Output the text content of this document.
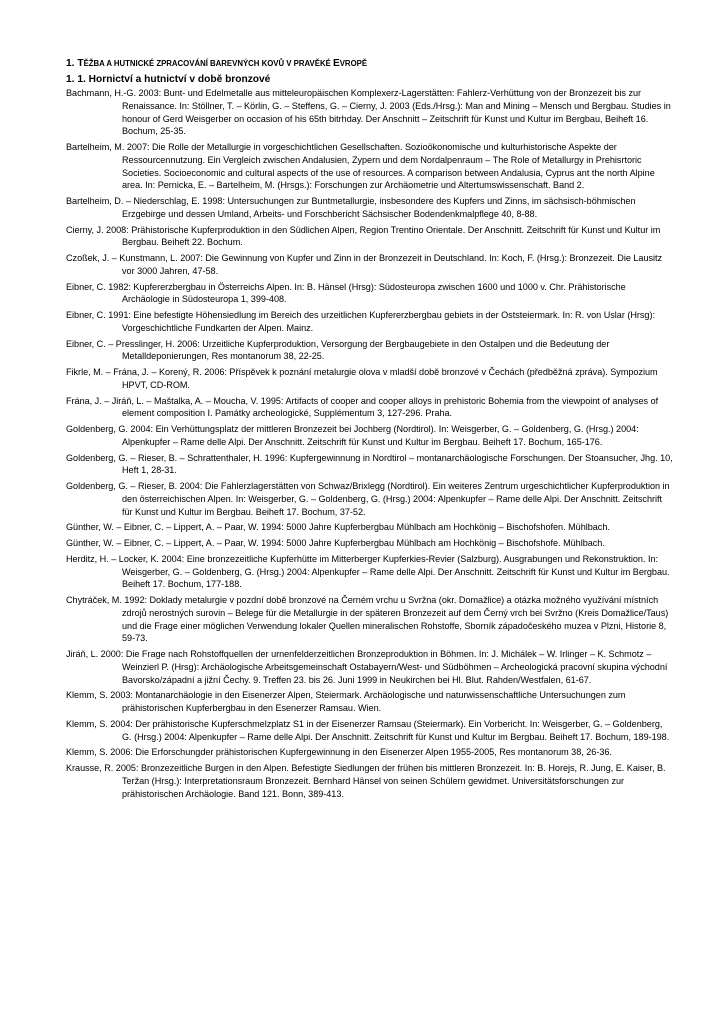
1. TĚŽBA A HUTNICKÉ ZPRACOVÁNÍ BAREVNÝCH KOVŮ V PRAVĚKÉ EVROPĚ
1. 1. Hornictví a hutnictví v době bronzové
Bachmann, H.-G. 2003: Bunt- und Edelmetalle aus mitteleuropäischen Komplexerz-Lagerstätten: Fahlerz-Verhüttung von der Bronzezeit bis zur Renaissance. In: Stöllner, T. – Körlin, G. – Steffens, G. – Cierny, J. 2003 (Eds./Hrsg.): Man and Mining – Mensch und Bergbau. Studies in honour of Gerd Weisgerber on occasion of his 65th bitrhday. Der Anschnitt – Zeitschrift für Kunst und Kultur im Bergbau, Beiheft 16. Bochum, 25-35.
Bartelheim, M. 2007: Die Rolle der Metallurgie in vorgeschichtlichen Gesellschaften. Sozioökonomische und kulturhistorische Aspekte der Ressourcennutzung. Ein Vergleich zwischen Andalusien, Zypern und dem Nordalpenraum – The Role of Metallurgy in Prehisrtoric Societies. Socioeconomic and cultural aspects of the use of resources. A comparison between Andalusia, Cyprus ant the north Alpine area. In: Pernicka, E. – Bartelheim, M. (Hrsgs.): Forschungen zur Archäometrie und Altertumswissenschaft. Band 2.
Bartelheim, D. – Niederschlag, E. 1998: Untersuchungen zur Buntmetallurgie, insbesondere des Kupfers und Zinns, im sächsisch-böhmischen Erzgebirge und dessen Umland, Arbeits- und Forschbericht Sächsischer Bodendenkmalpflege 40, 8-88.
Cierny, J. 2008: Prähistorische Kupferproduktion in den Südlichen Alpen, Region Trentino Orientale. Der Anschnitt. Zeitschrift für Kunst und Kultur im Bergbau. Beiheft 22. Bochum.
Czoßek, J. – Kunstmann, L. 2007: Die Gewinnung von Kupfer und Zinn in der Bronzezeit in Deutschland. In: Koch, F. (Hrsg.): Bronzezeit. Die Lausitz vor 3000 Jahren, 47-58.
Eibner, C. 1982: Kupfererzbergbau in Österreichs Alpen. In: B. Hänsel (Hrsg): Südosteuropa zwischen 1600 und 1000 v. Chr. Prähistorische Archäologie in Südosteuropa 1, 399-408.
Eibner, C. 1991: Eine befestigte Höhensiedlung im Bereich des urzeitlichen Kupfererzbergbau gebiets in der Oststeiermark. In: R. von Uslar (Hrsg): Vorgeschichtliche Fundkarten der Alpen. Mainz.
Eibner, C. – Presslinger, H. 2006: Urzeitliche Kupferproduktion, Versorgung der Bergbaugebiete in den Ostalpen und die Bedeutung der Metalldeponierungen, Res montanorum 38, 22-25.
Fikrle, M. – Frána, J. – Korený, R. 2006: Příspěvek k poznání metalurgie olova v mladší době bronzové v Čechách (předběžná zpráva). Sympozium HPVT, CD-ROM.
Frána, J. – Jiráň, L. – Maštalka, A. – Moucha, V. 1995: Artifacts of cooper and cooper alloys in prehistoric Bohemia from the viewpoint of analyses of element composition I. Památky archeologické, Supplémentum 3, 127-296. Praha.
Goldenberg, G. 2004: Ein Verhüttungsplatz der mittleren Bronzezeit bei Jochberg (Nordtirol). In: Weisgerber, G. – Goldenberg, G. (Hrsg.) 2004: Alpenkupfer – Rame delle Alpi. Der Anschnitt. Zeitschrift für Kunst und Kultur im Bergbau. Beiheft 17. Bochum, 165-176.
Goldenberg, G. – Rieser, B. – Schrattenthaler, H. 1996: Kupfergewinnung in Nordtirol – montanarchäologische Forschungen. Der Stoansucher, Jhg. 10, Heft 1, 28-31.
Goldenberg, G. – Rieser, B. 2004: Die Fahlerzlagerstätten von Schwaz/Brixlegg (Nordtirol). Ein weiteres Zentrum urgeschichtlicher Kupferproduktion in den österreichischen Alpen. In: Weisgerber, G. – Goldenberg, G. (Hrsg.) 2004: Alpenkupfer – Rame delle Alpi. Der Anschnitt. Zeitschrift für Kunst und Kultur im Bergbau. Beiheft 17. Bochum, 37-52.
Günther, W. – Eibner, C. – Lippert, A. – Paar, W. 1994: 5000 Jahre Kupferbergbau Mühlbach am Hochkönig – Bischofshofen. Mühlbach.
Günther, W. – Eibner, C. – Lippert, A. – Paar, W. 1994: 5000 Jahre Kupferbergbau Mühlbach am Hochkönig – Bischofshofe. Mühlbach.
Herditz, H. – Locker, K. 2004: Eine bronzezeitliche Kupferhütte im Mitterberger Kupferkies-Revier (Salzburg). Ausgrabungen und Rekonstruktion. In: Weisgerber, G. – Goldenberg, G. (Hrsg.) 2004: Alpenkupfer – Rame delle Alpi. Der Anschnitt. Zeitschrift für Kunst und Kultur im Bergbau. Beiheft 17. Bochum, 177-188.
Chytráček, M. 1992: Doklady metalurgie v pozdní době bronzové na Černém vrchu u Svržna (okr. Domažlice) a otázka možného využívání místních zdrojů nerostných surovin – Belege für die Metallurgie in der späteren Bronzezeit auf dem Černý vrch bei Svržno (Kreis Domažlice/Taus) und die Frage einer möglichen Verwendung lokaler Quellen mineralischen Rohstoffe, Sborník západočeského muzea v Plzni, Historie 8, 59-73.
Jiráň, L. 2000: Die Frage nach Rohstoffquellen der urnenfelderzeitlichen Bronzeproduktion in Böhmen. In: J. Michálek – W. Irlinger – K. Schmotz – Weinzierl P. (Hrsg): Archäologische Arbeitsgemeinschaft Ostabayern/West- und Südböhmen – Archeologická pracovní skupina východní Bavorsko/západní a jižní Čechy. 9. Treffen 23. bis 26. Juni 1999 in Neukirchen bei Hl. Blut. Rahden/Westfalen, 61-67.
Klemm, S. 2003: Montanarchäologie in den Eisenerzer Alpen, Steiermark. Archäologische und naturwissenschaftliche Untersuchungen zum prähistorischen Kupferbergbau in den Esenerzer Ramsau. Wien.
Klemm, S. 2004: Der prähistorische Kupferschmelzplatz S1 in der Eisenerzer Ramsau (Steiermark). Ein Vorbericht. In: Weisgerber, G. – Goldenberg, G. (Hrsg.) 2004: Alpenkupfer – Rame delle Alpi. Der Anschnitt. Zeitschrift für Kunst und Kultur im Bergbau. Beiheft 17. Bochum, 189-198.
Klemm, S. 2006: Die Erforschungder prähistorischen Kupfergewinnung in den Eisenerzer Alpen 1955-2005, Res montanorum 38, 26-36.
Krausse, R. 2005: Bronzezeitliche Burgen in den Alpen. Befestigte Siedlungen der frühen bis mittleren Bronzezeit. In: B. Horejs, R. Jung, E. Kaiser, B. Teržan (Hrsg.): Interpretationsraum Bronzezeit. Bernhard Hänsel von seinen Schülern gewidmet. Universitätsforschungen zur prähistorischen Archäologie. Band 121. Bonn, 389-413.
